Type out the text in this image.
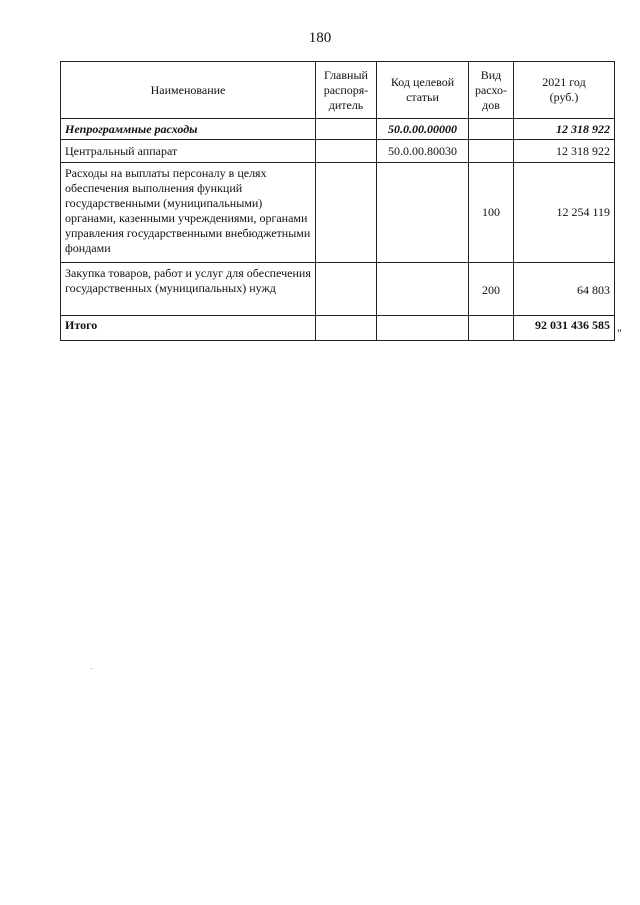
180
Наименование	Главный
распоря-
дитель	Код целевой
статьи	Вид
расхо-
дов	2021 год
(руб.)
Непрограммные расходы		50.0.00.00000		12 318 922
Центральный аппарат		50.0.00.80030		12 318 922
Расходы на выплаты персоналу в целях обеспечения выполнения функций государственными (муниципальными) органами, казенными учреждениями, органами управления государственными внебюджетными фондами			100	12 254 119
Закупка товаров, работ и услуг для обеспечения государственных (муниципальных) нужд			200	64 803
Итого				92 031 436 585
"
